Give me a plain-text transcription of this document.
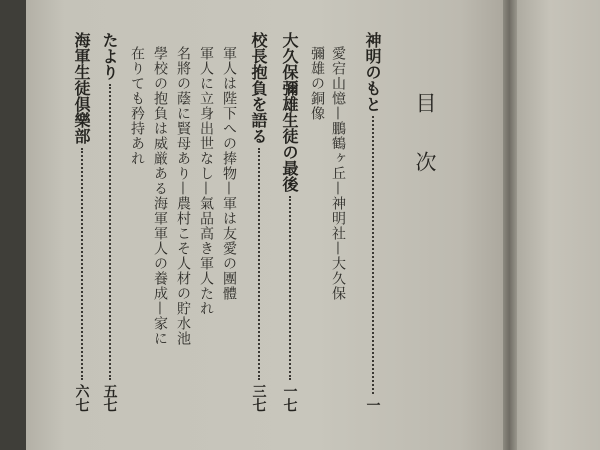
目次
神明のもと
一
愛宕山憶—鵬鶴ヶ丘—神明社—大久保
彌雄の銅像
大久保彌雄生徒の最後
一七
校長抱負を語る
三七
軍人は陛下への捧物—軍は友愛の團體
軍人に立身出世なし—氣品高き軍人たれ
名將の蔭に賢母あり—農村こそ人材の貯水池
學校の抱負は威厳ある海軍軍人の養成—家に
在りても矜持あれ
たより
五七
海軍生徒倶樂部
六七
